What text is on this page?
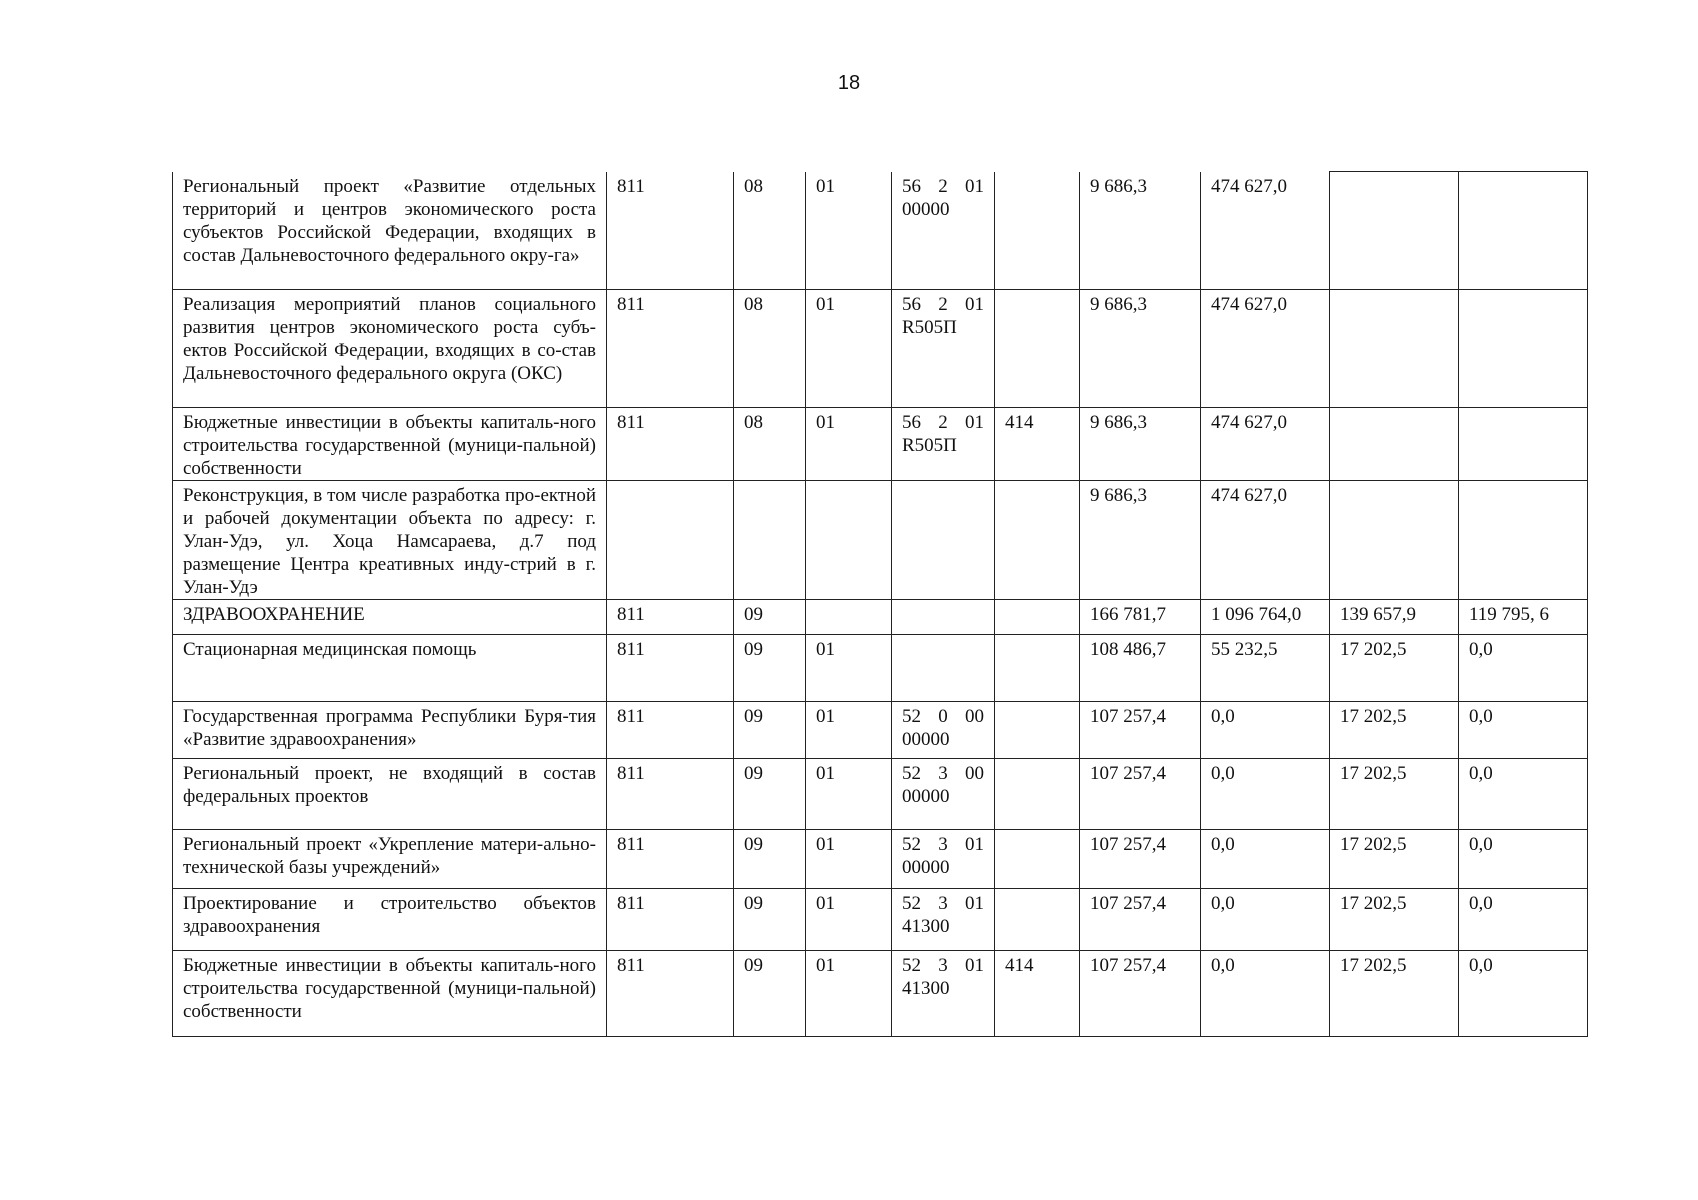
18
Региональный проект «Развитие отдельных территорий и центров экономического роста субъектов Российской Федерации, входящих в состав Дальневосточного федерального окру-га»	811	08	01	56 2 01 00000		9 686,3	474 627,0		
Реализация мероприятий планов социального развития центров экономического роста субъ-ектов Российской Федерации, входящих в со-став Дальневосточного федерального округа (ОКС)	811	08	01	56 2 01 R505П		9 686,3	474 627,0		
Бюджетные инвестиции в объекты капиталь-ного строительства государственной (муници-пальной) собственности	811	08	01	56 2 01 R505П	414	9 686,3	474 627,0		
Реконструкция, в том числе разработка про-ектной и рабочей документации объекта по адресу: г. Улан-Удэ, ул. Хоца Намсараева, д.7 под размещение Центра креативных инду-стрий в г. Улан-Удэ						9 686,3	474 627,0		
ЗДРАВООХРАНЕНИЕ	811	09				166 781,7	1 096 764,0	139 657,9	119 795, 6
Стационарная медицинская помощь	811	09	01			108 486,7	55 232,5	17 202,5	0,0
Государственная программа Республики Буря-тия «Развитие здравоохранения»	811	09	01	52 0 00 00000		107 257,4	0,0	17 202,5	0,0
Региональный проект, не входящий в состав федеральных проектов	811	09	01	52 3 00 00000		107 257,4	0,0	17 202,5	0,0
Региональный проект «Укрепление матери-ально-технической базы учреждений»	811	09	01	52 3 01 00000		107 257,4	0,0	17 202,5	0,0
Проектирование и строительство объектов здравоохранения	811	09	01	52 3 01 41300		107 257,4	0,0	17 202,5	0,0
Бюджетные инвестиции в объекты капиталь-ного строительства государственной (муници-пальной) собственности	811	09	01	52 3 01 41300	414	107 257,4	0,0	17 202,5	0,0
